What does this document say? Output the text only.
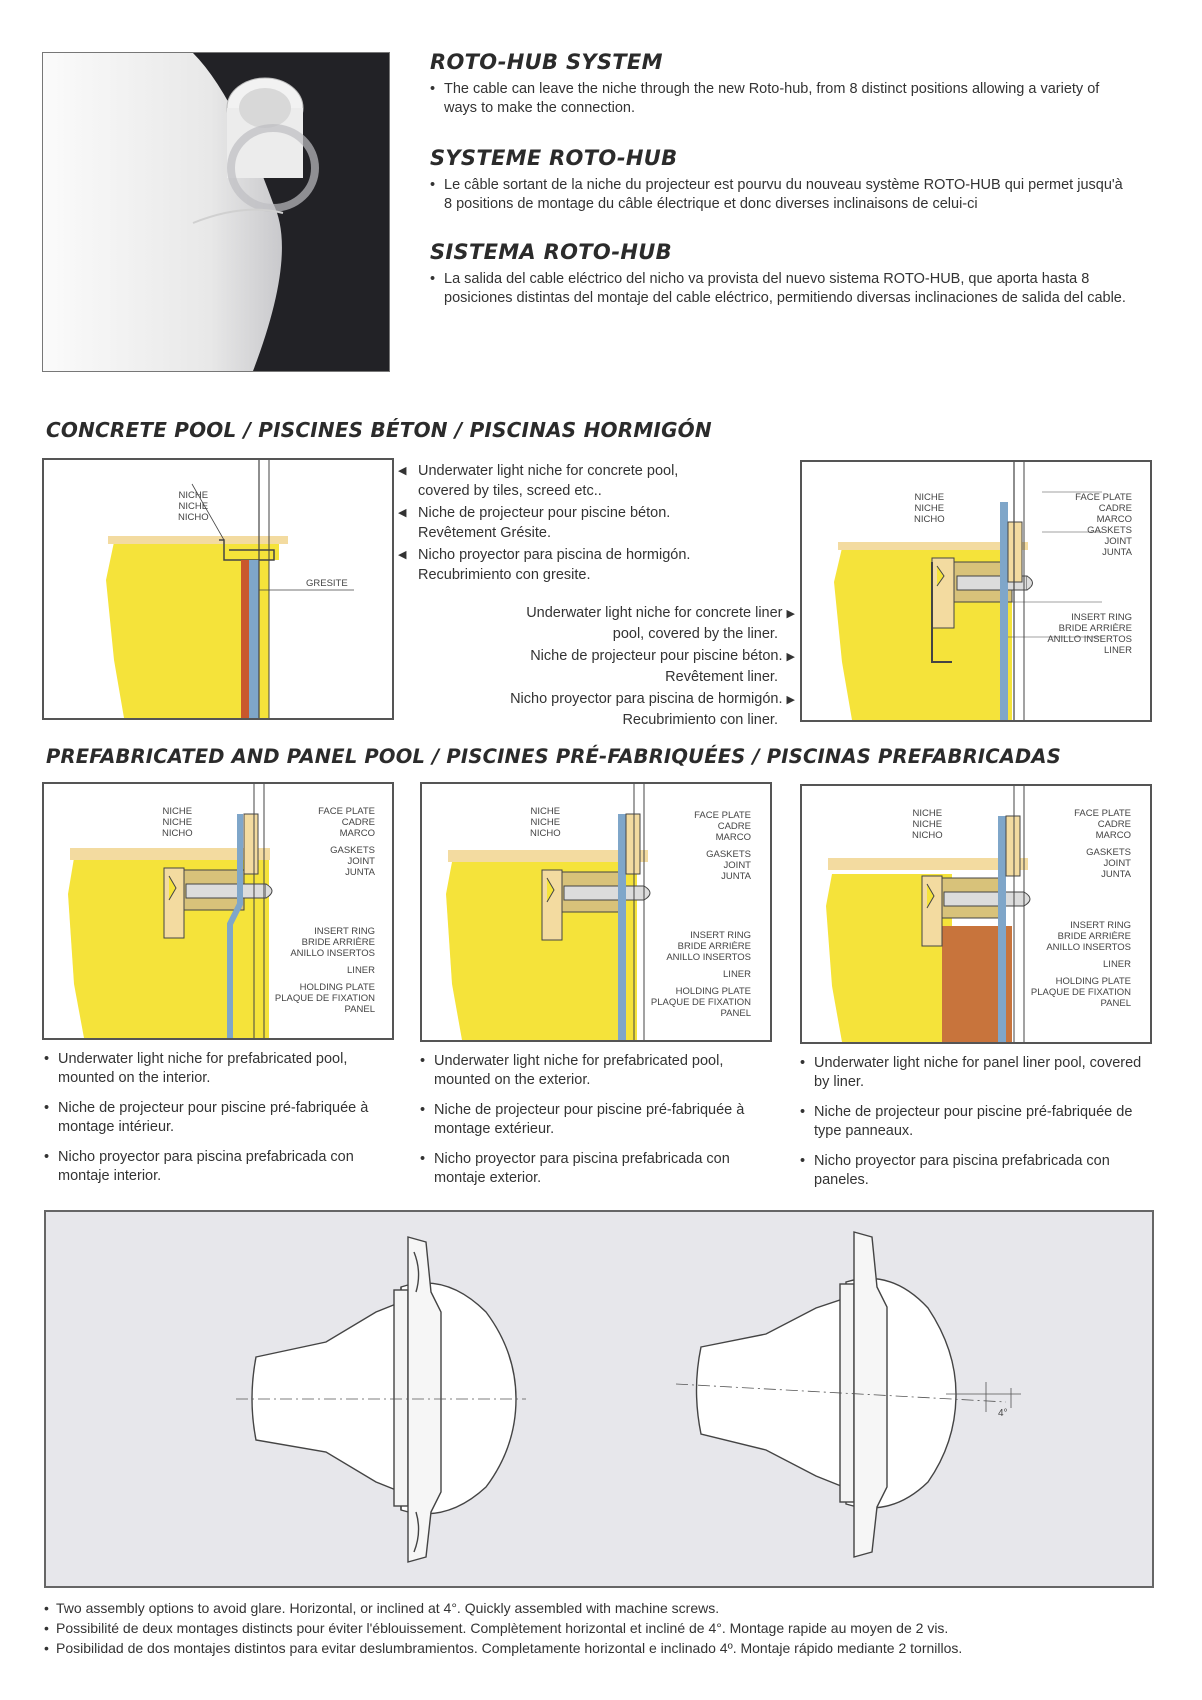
ROTO-HUB SYSTEM
• The cable can leave the niche through the new Roto-hub, from 8 distinct positions allowing a variety of ways to make the connection.
SYSTEME ROTO-HUB
• Le câble sortant de la niche du projecteur est pourvu du nouveau système ROTO-HUB qui permet jusqu'à 8 positions de montage du câble électrique et donc diverses inclinaisons de celui-ci
SISTEMA ROTO-HUB
• La salida del cable eléctrico del nicho va provista del nuevo sistema ROTO-HUB, que aporta hasta 8 posiciones distintas del montaje del cable eléctrico, permitiendo diversas inclinaciones de salida del cable.
CONCRETE POOL / PISCINES BÉTON / PISCINAS HORMIGÓN
NICHE
NICHE
NICHO
GRESITE
◀ Underwater light niche for concrete pool,
covered by tiles, screed etc..
◀ Niche de projecteur pour piscine béton.
Revêtement Grésite.
◀ Nicho proyector para piscina de hormigón.
Recubrimiento con gresite.
Underwater light niche for concrete liner ▶
pool, covered by the liner.
Niche de projecteur pour piscine béton. ▶
Revêtement liner.
Nicho proyector para piscina de hormigón. ▶
Recubrimiento con liner.
NICHE
NICHE
NICHO
FACE PLATE
CADRE
MARCO
GASKETS
JOINT
JUNTA
INSERT RING
BRIDE ARRIÈRE
ANILLO INSERTOS
LINER
PREFABRICATED AND PANEL POOL / PISCINES PRÉ-FABRIQUÉES / PISCINAS PREFABRICADAS
NICHE
NICHE
NICHO
FACE PLATE
CADRE
MARCO
GASKETS
JOINT
JUNTA
INSERT RING
BRIDE ARRIÈRE
ANILLO INSERTOS
LINER
HOLDING PLATE
PLAQUE DE FIXATION
PANEL
NICHE
NICHE
NICHO
FACE PLATE
CADRE
MARCO
GASKETS
JOINT
JUNTA
INSERT RING
BRIDE ARRIÈRE
ANILLO INSERTOS
LINER
HOLDING PLATE
PLAQUE DE FIXATION
PANEL
NICHE
NICHE
NICHO
FACE PLATE
CADRE
MARCO
GASKETS
JOINT
JUNTA
INSERT RING
BRIDE ARRIÈRE
ANILLO INSERTOS
LINER
HOLDING PLATE
PLAQUE DE FIXATION
PANEL
• Underwater light niche for prefabricated pool, mounted on the interior.
• Niche de projecteur pour piscine pré-fabriquée à montage intérieur.
• Nicho proyector para piscina prefabricada con montaje interior.
• Underwater light niche for prefabricated pool, mounted on the exterior.
• Niche de projecteur pour piscine pré-fabriquée à montage extérieur.
• Nicho proyector para piscina prefabricada con montaje exterior.
• Underwater light niche for panel liner pool, covered by liner.
• Niche de projecteur pour piscine pré-fabriquée de type panneaux.
• Nicho proyector para piscina prefabricada con paneles.
4°
• Two assembly options to avoid glare. Horizontal, or inclined at 4°. Quickly assembled with machine screws.
• Possibilité de deux montages distincts pour éviter l'éblouissement. Complètement horizontal et incliné de 4°. Montage rapide au moyen de 2 vis.
• Posibilidad de dos montajes distintos para evitar deslumbramientos. Completamente horizontal e inclinado 4º. Montaje rápido mediante 2 tornillos.
